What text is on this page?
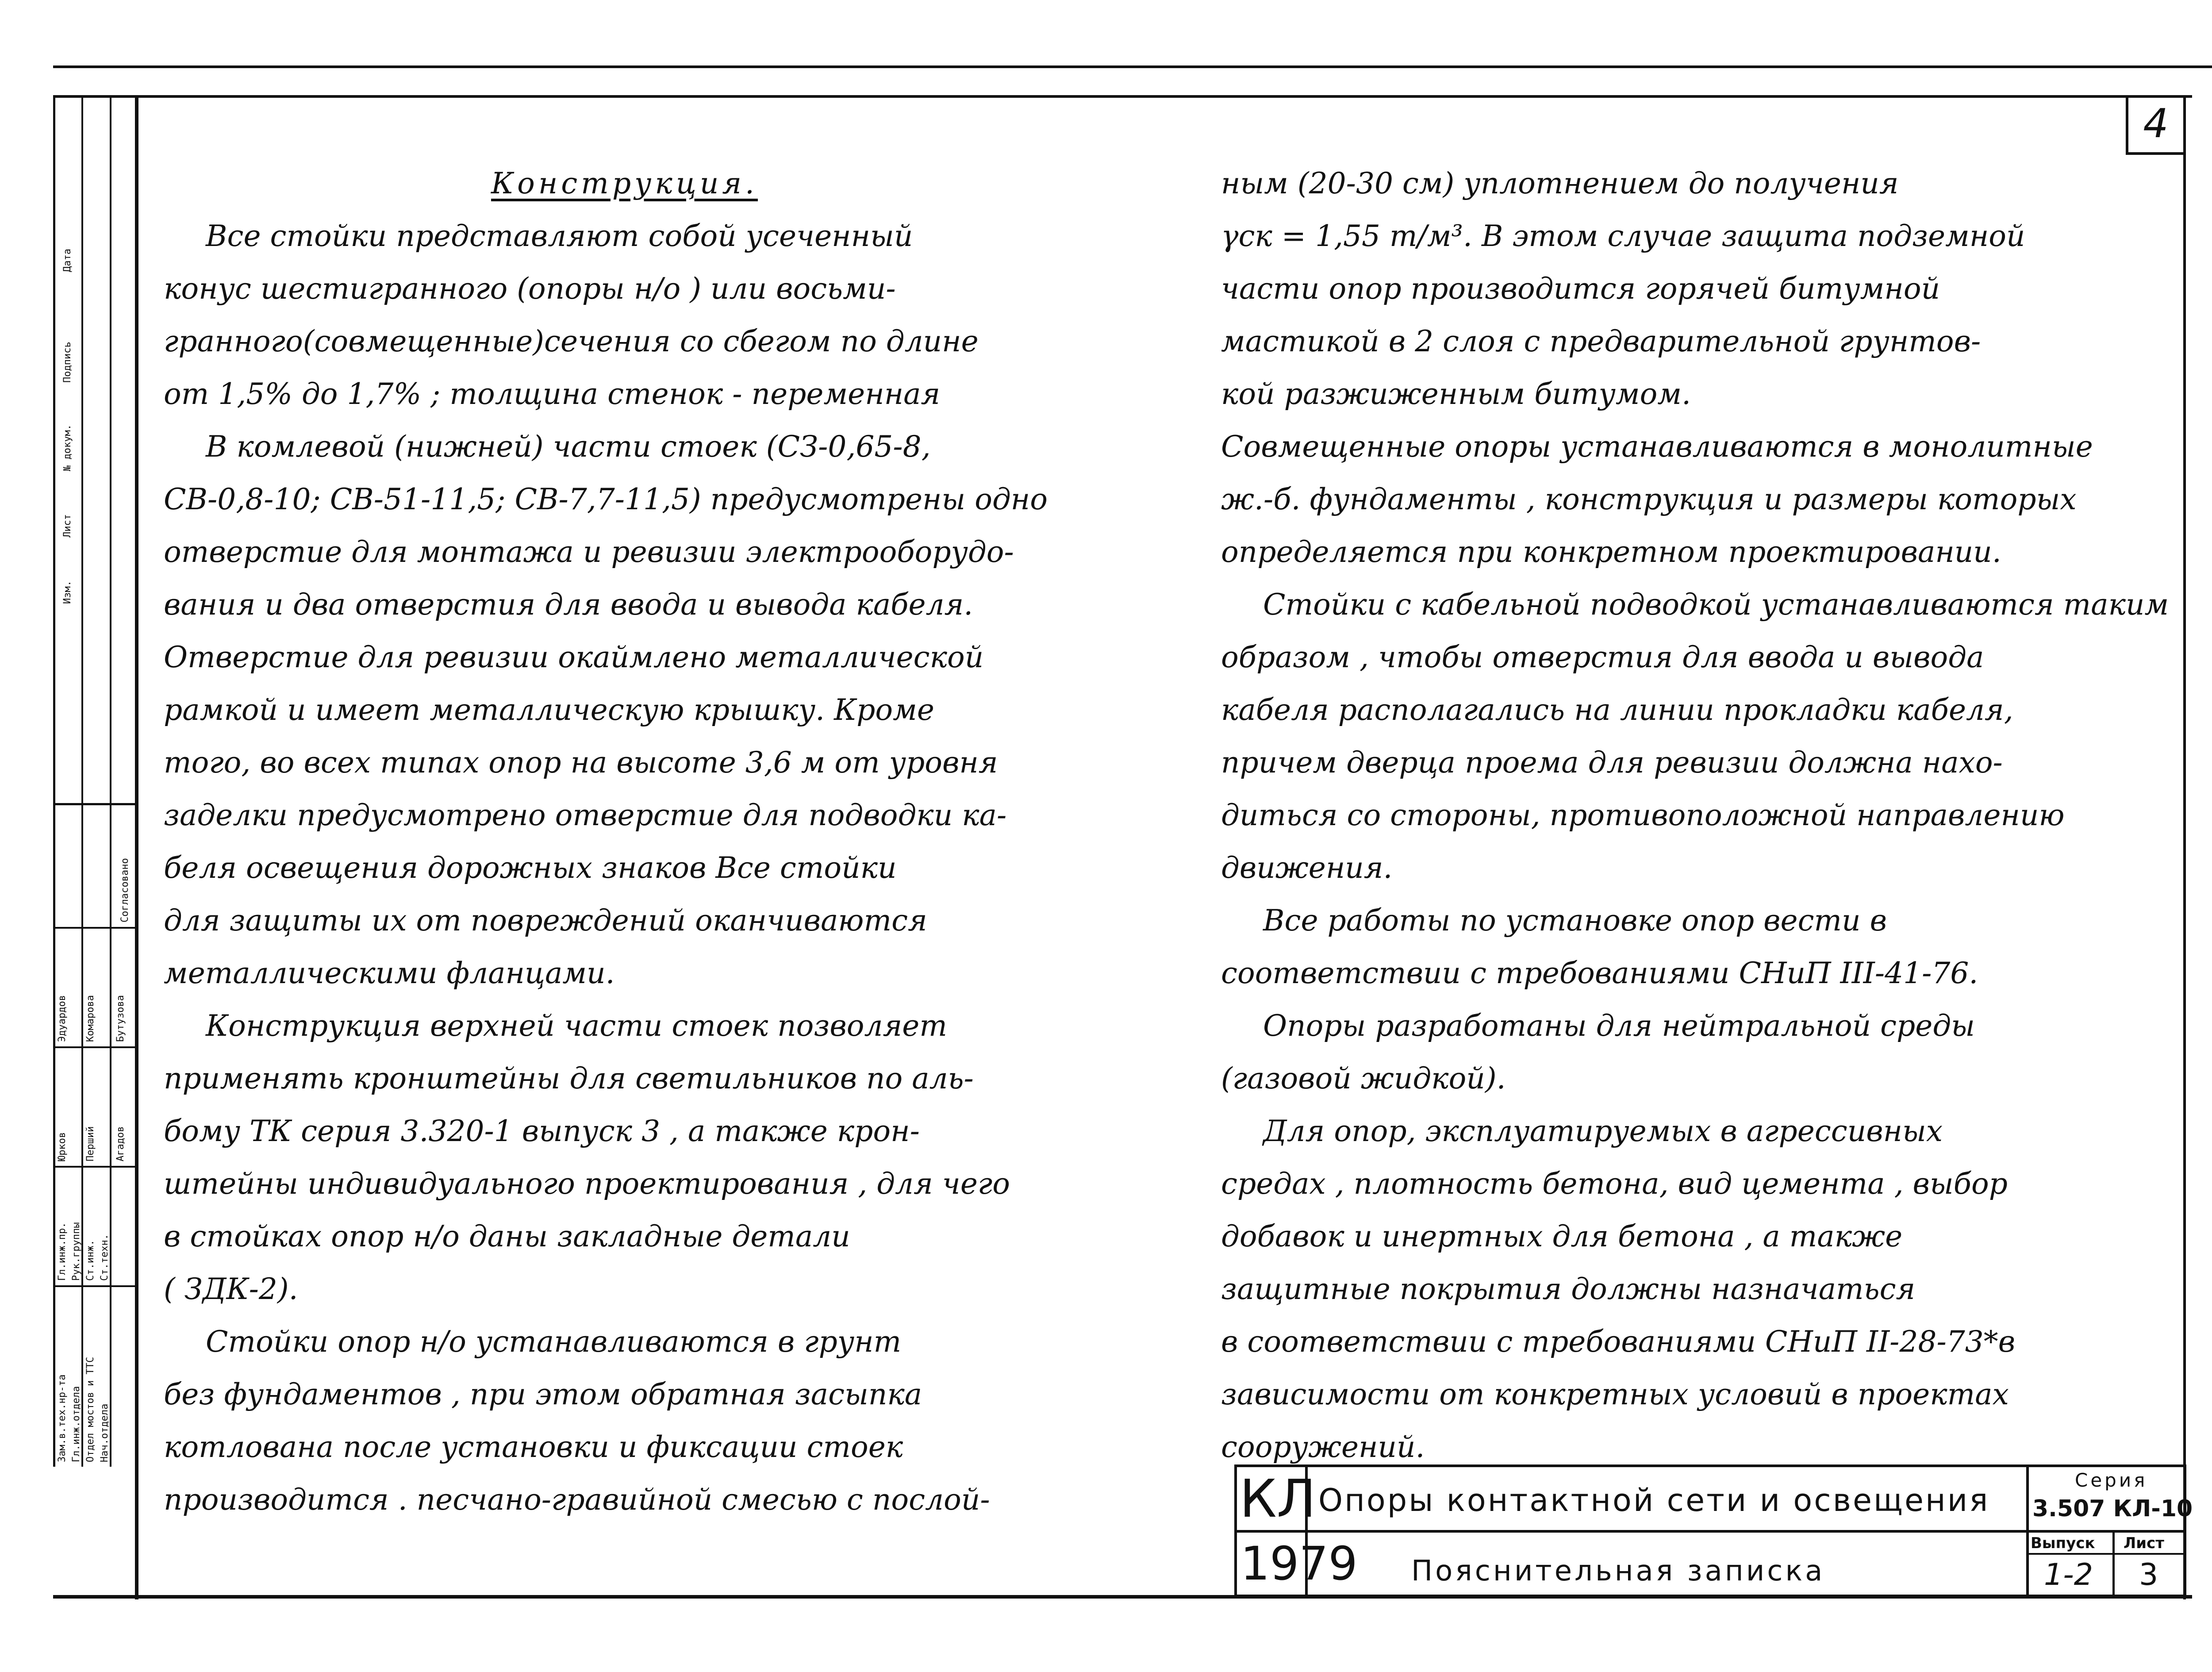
4
Изм.
Лист
№ докум.
Подпись
Дата
Согласовано
Зам.в.тех.нр-та Гл.инж.отдела Отдел мостов и ТТС Нач.отдела
Гл.инж.пр. Рук.группы Ст.инж. Ст.техн.
Юрков Перший Агадов
Эдуардов Комарова Бутузова

Конструкция.

Все стойки представляют собой усеченный

конус шестигранного (опоры н/о ) или восьми-

гранного(совмещенные)сечения со сбегом по длине

от 1,5% до 1,7% ; толщина стенок - переменная

В комлевой (нижней) части стоек (СЗ-0,65-8,

СВ-0,8-10; СВ-51-11,5; СВ-7,7-11,5) предусмотрены одно

отверстие для монтажа и ревизии электрооборудо-

вания и два отверстия для ввода и вывода кабеля.

Отверстие для ревизии окаймлено металлической

рамкой и имеет металлическую крышку. Кроме

того, во всех типах опор на высоте 3,6 м от уровня

заделки предусмотрено отверстие для подводки ка-

беля освещения дорожных знаков Все стойки

для защиты их от повреждений оканчиваются

металлическими фланцами.

Конструкция верхней части стоек позволяет

применять кронштейны для светильников по аль-

бому ТК серия 3.320-1 выпуск 3 , а также крон-

штейны индивидуального проектирования , для чего

в стойках опор н/о даны закладные детали

( ЗДК-2).

Стойки опор н/о устанавливаются в грунт

без фундаментов , при этом обратная засыпка

котлована после установки и фиксации стоек

производится . песчано-гравийной смесью с послой-

ным (20-30 см) уплотнением до получения

γск = 1,55 т/м³. В этом случае защита подземной

части опор производится горячей битумной

мастикой в 2 слоя с предварительной грунтов-

кой разжиженным битумом.

Совмещенные опоры устанавливаются в монолитные

ж.-б. фундаменты , конструкция и размеры которых

определяется при конкретном проектировании.

Стойки с кабельной подводкой устанавливаются таким

образом , чтобы отверстия для ввода и вывода

кабеля располагались на линии прокладки кабеля,

причем дверца проема для ревизии должна нахо-

диться со стороны, противоположной направлению

движения.

Все работы по установке опор вести в

соответствии с требованиями СНиП III-41-76.

Опоры разработаны для нейтральной среды

(газовой жидкой).

Для опор, эксплуатируемых в агрессивных

средах , плотность бетона, вид цемента , выбор

добавок и инертных для бетона , а также

защитные покрытия должны назначаться

в соответствии с требованиями СНиП II-28-73*в

зависимости от конкретных условий в проектах

сооружений.

КЛ
1979
Опоры контактной сети и освещения
Пояснительная записка
Серия
3.507 КЛ-10
Выпуск Лист
1-2 3
